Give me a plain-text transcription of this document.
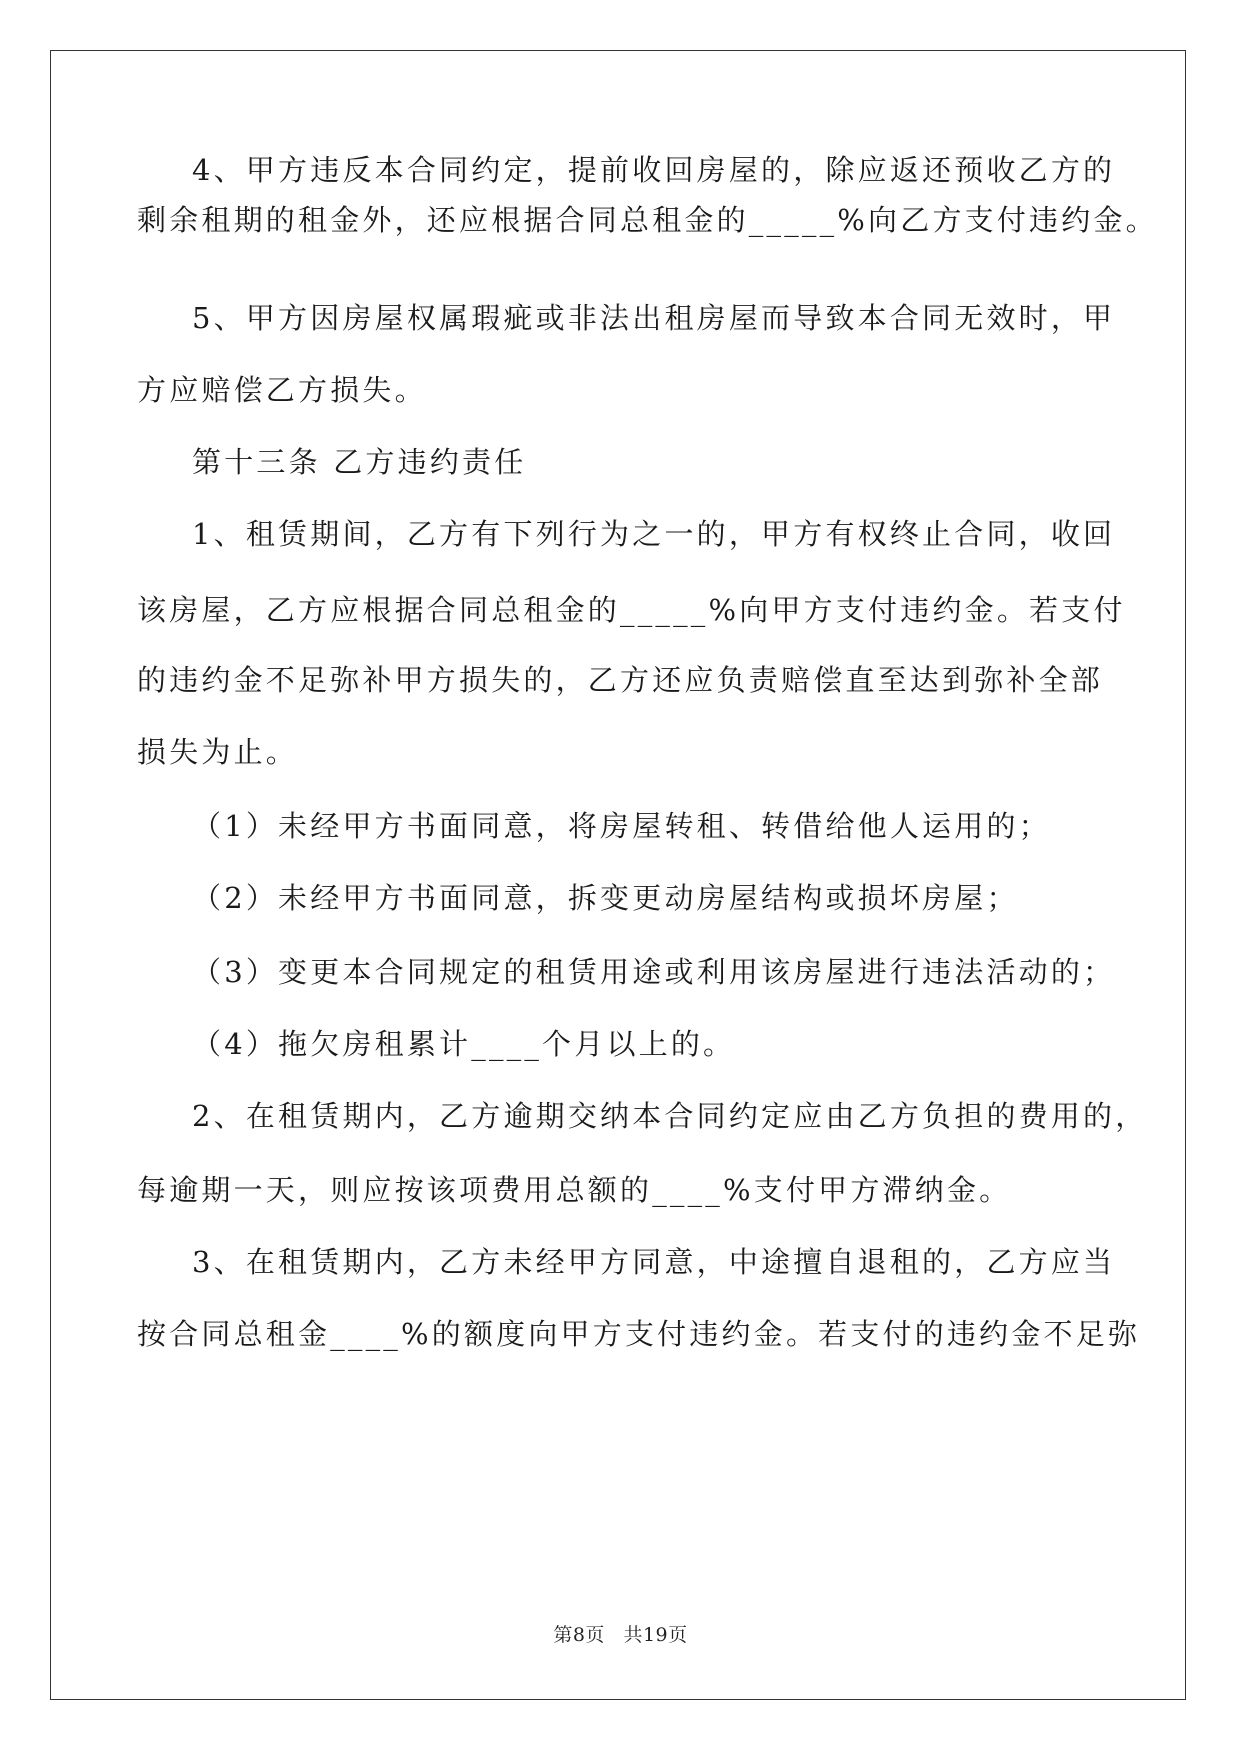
4、甲方违反本合同约定，提前收回房屋的，除应返还预收乙方的
剩余租期的租金外，还应根据合同总租金的_____%向乙方支付违约金。
5、甲方因房屋权属瑕疵或非法出租房屋而导致本合同无效时，甲
方应赔偿乙方损失。
第十三条 乙方违约责任
1、租赁期间，乙方有下列行为之一的，甲方有权终止合同，收回
该房屋，乙方应根据合同总租金的_____%向甲方支付违约金。若支付
的违约金不足弥补甲方损失的，乙方还应负责赔偿直至达到弥补全部
损失为止。
（1）未经甲方书面同意，将房屋转租、转借给他人运用的；
（2）未经甲方书面同意，拆变更动房屋结构或损坏房屋；
（3）变更本合同规定的租赁用途或利用该房屋进行违法活动的；
（4）拖欠房租累计____个月以上的。
2、在租赁期内，乙方逾期交纳本合同约定应由乙方负担的费用的，
每逾期一天，则应按该项费用总额的____%支付甲方滞纳金。
3、在租赁期内，乙方未经甲方同意，中途擅自退租的，乙方应当
按合同总租金____%的额度向甲方支付违约金。若支付的违约金不足弥
第8页 共19页
